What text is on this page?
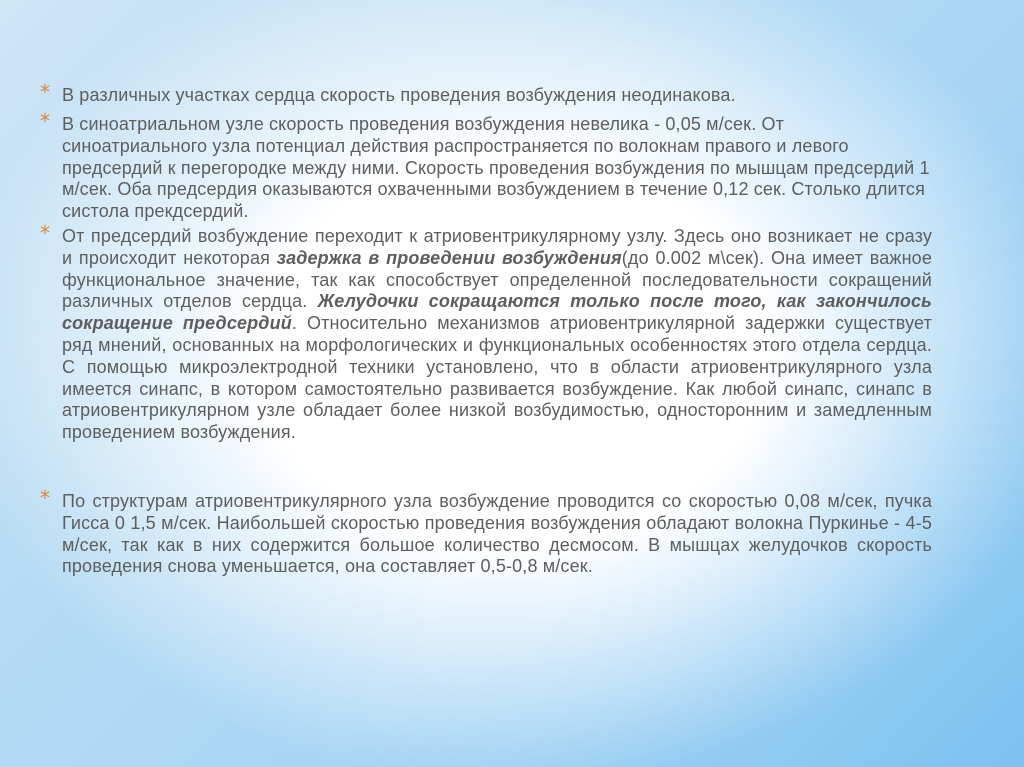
* В различных участках сердца скорость проведения возбуждения неодинакова.
* В синоатриальном узле скорость проведения возбуждения невелика - 0,05 м/сек. От синоатриального узла потенциал действия распространяется по волокнам правого и левого предсердий к перегородке между ними. Скорость проведения возбуждения по мышцам предсердий 1 м/сек. Оба предсердия оказываются охваченными возбуждением в течение 0,12 сек. Столько длится систола прекдсердий.
* От предсердий возбуждение переходит к атриовентрикулярному узлу. Здесь оно возникает не сразу и происходит некоторая задержка в проведении возбуждения(до 0.002 м\сек). Она имеет важное функциональное значение, так как способствует определенной последовательности сокращений различных отделов сердца. Желудочки сокращаются только после того, как закончилось сокращение предсердий. Относительно механизмов атриовентрикулярной задержки существует ряд мнений, основанных на морфологических и функциональных особенностях этого отдела сердца. С помощью микроэлектродной техники установлено, что в области атриовентрикулярного узла имеется синапс, в котором самостоятельно развивается возбуждение. Как любой синапс, синапс в атриовентрикулярном узле обладает более низкой возбудимостью, односторонним и замедленным проведением возбуждения.
* По структурам атриовентрикулярного узла возбуждение проводится со скоростью 0,08 м/сек, пучка Гисса 0 1,5 м/сек. Наибольшей скоростью проведения возбуждения обладают волокна Пуркинье - 4-5 м/сек, так как в них содержится большое количество десмосом. В мышцах желудочков скорость проведения снова уменьшается, она составляет 0,5-0,8 м/сек.
